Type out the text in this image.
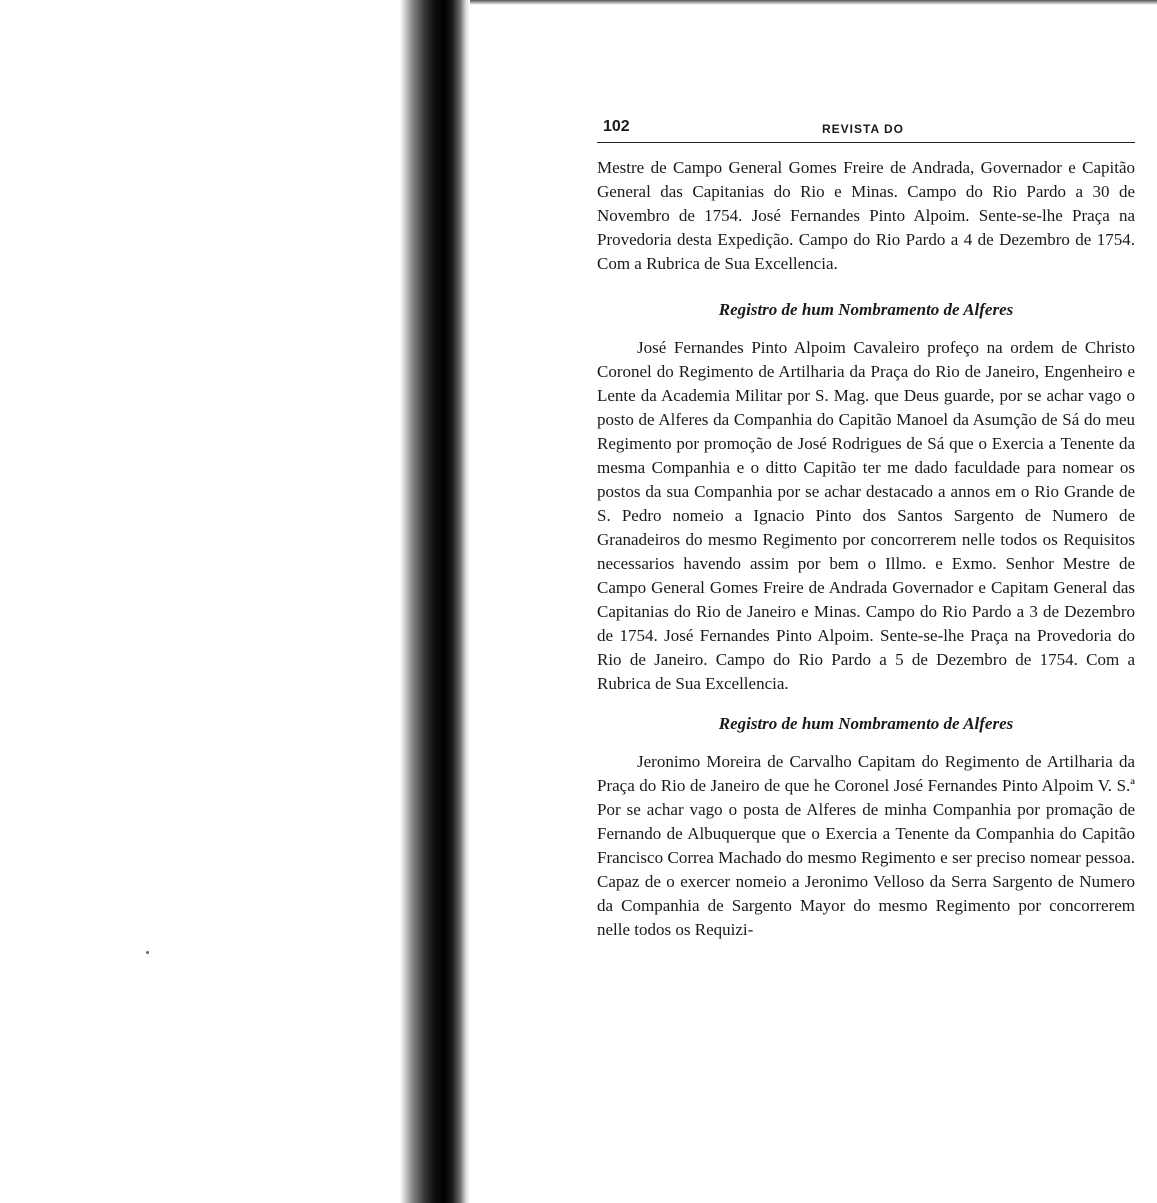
102	REVISTA DO

Mestre de Campo General Gomes Freire de Andrada, Governador e Capitão General das Capitanias do Rio e Minas. Campo do Rio Pardo a 30 de Novembro de 1754. José Fernandes Pinto Alpoim. Sente-se-lhe Praça na Provedoria desta Expedição. Campo do Rio Pardo a 4 de Dezembro de 1754. Com a Rubrica de Sua Excellencia.

Registro de hum Nombramento de Alferes

José Fernandes Pinto Alpoim Cavaleiro profeço na ordem de Christo Coronel do Regimento de Artilharia da Praça do Rio de Janeiro, Engenheiro e Lente da Academia Militar por S. Mag. que Deus guarde, por se achar vago o posto de Alferes da Companhia do Capitão Manoel da Asumção de Sá do meu Regimento por promoção de José Rodrigues de Sá que o Exercia a Tenente da mesma Companhia e o ditto Capitão ter me dado faculdade para nomear os postos da sua Companhia por se achar destacado a annos em o Rio Grande de S. Pedro nomeio a Ignacio Pinto dos Santos Sargento de Numero de Granadeiros do mesmo Regimento por concorrerem nelle todos os Requisitos necessarios havendo assim por bem o Illmo. e Exmo. Senhor Mestre de Campo General Gomes Freire de Andrada Governador e Capitam General das Capitanias do Rio de Janeiro e Minas. Campo do Rio Pardo a 3 de Dezembro de 1754. José Fernandes Pinto Alpoim. Sente-se-lhe Praça na Provedoria do Rio de Janeiro. Campo do Rio Pardo a 5 de Dezembro de 1754. Com a Rubrica de Sua Excellencia.

Registro de hum Nombramento de Alferes

Jeronimo Moreira de Carvalho Capitam do Regimento de Artilharia da Praça do Rio de Janeiro de que he Coronel José Fernandes Pinto Alpoim V. S.ª Por se achar vago o posta de Alferes de minha Companhia por promação de Fernando de Albuquerque que o Exercia a Tenente da Companhia do Capitão Francisco Correa Machado do mesmo Regimento e ser preciso nomear pessoa. Capaz de o exercer nomeio a Jeronimo Velloso da Serra Sargento de Numero da Companhia de Sargento Mayor do mesmo Regimento por concorrerem nelle todos os Requizi-
